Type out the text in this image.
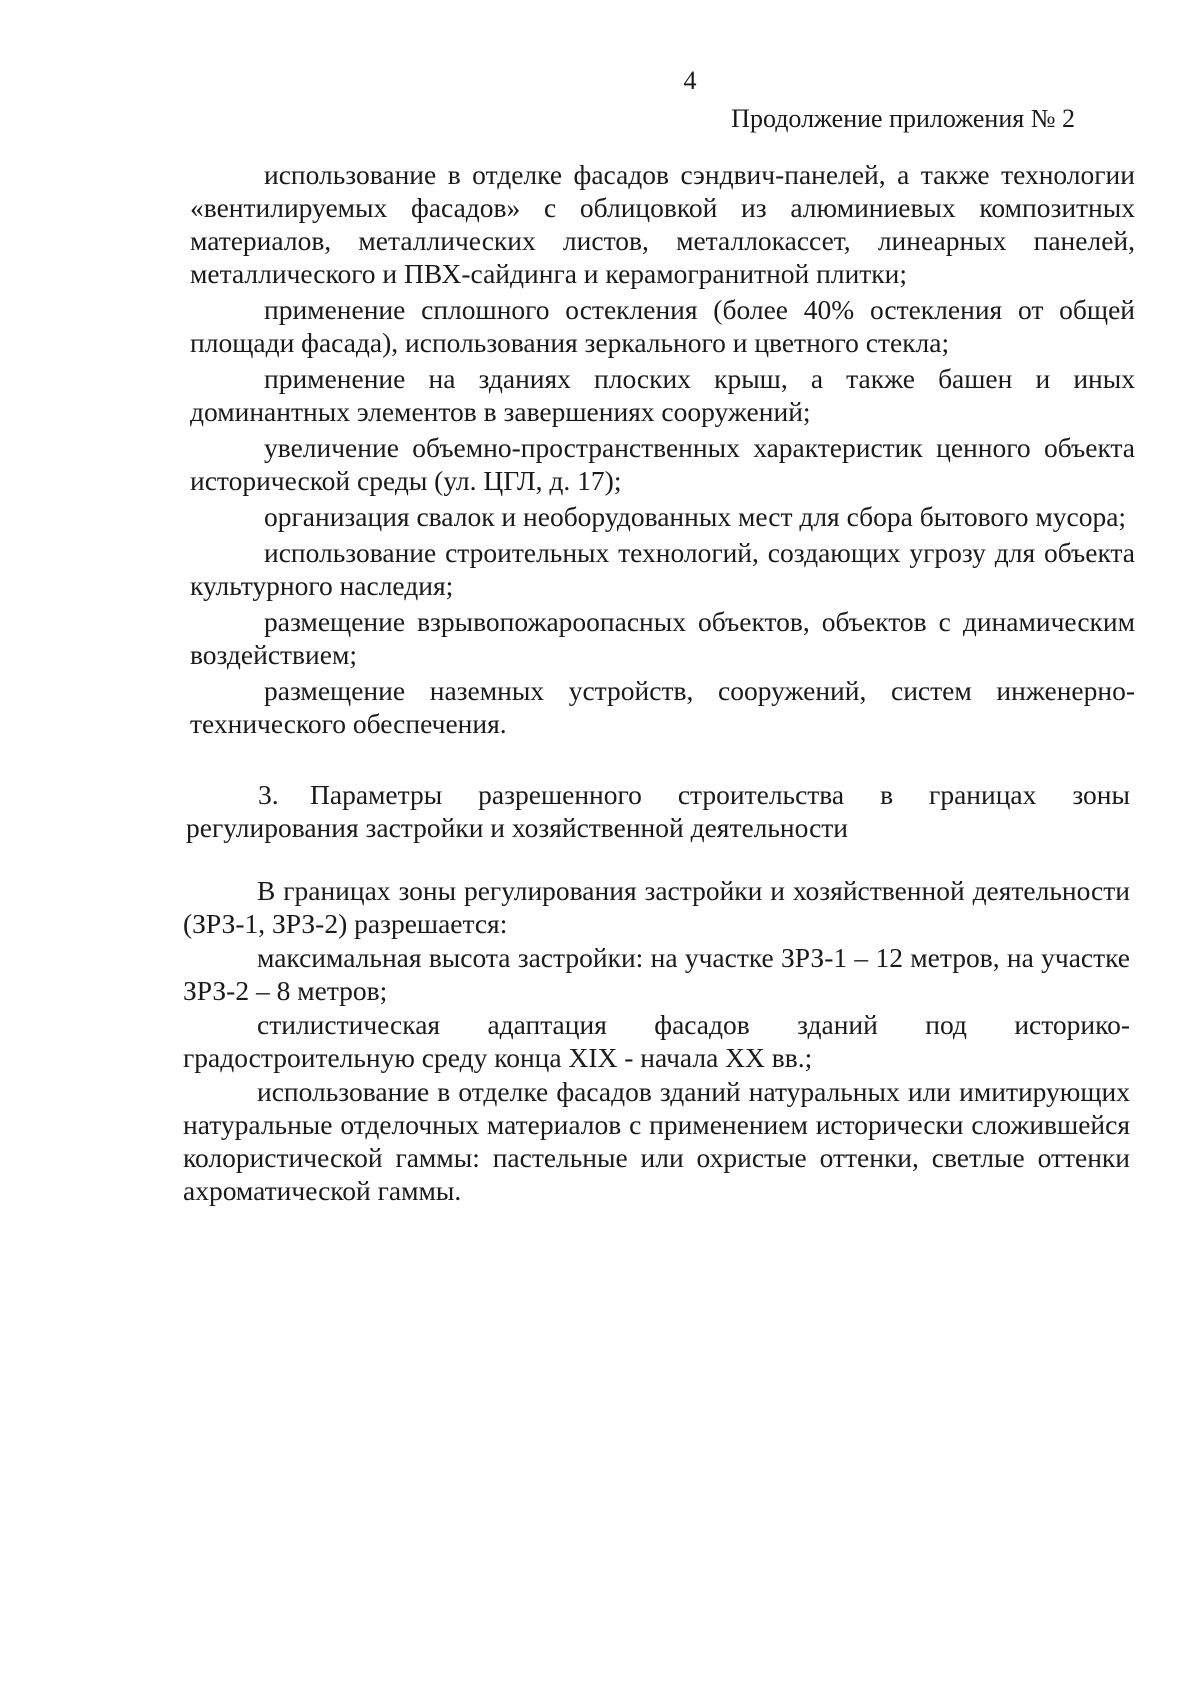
4
Продолжение приложения № 2

использование в отделке фасадов сэндвич-панелей, а также технологии «вентилируемых фасадов» с облицовкой из алюминиевых композитных материалов, металлических листов, металлокассет, линеарных панелей, металлического и ПВХ-сайдинга и керамогранитной плитки;

применение сплошного остекления (более 40% остекления от общей площади фасада), использования зеркального и цветного стекла;

применение на зданиях плоских крыш, а также башен и иных доминантных элементов в завершениях сооружений;

увеличение объемно-пространственных характеристик ценного объекта исторической среды (ул. ЦГЛ, д. 17);

организация свалок и необорудованных мест для сбора бытового мусора;

использование строительных технологий, создающих угрозу для объекта культурного наследия;

размещение взрывопожароопасных объектов, объектов с динамическим воздействием;

размещение наземных устройств, сооружений, систем инженерно-технического обеспечения.

3. Параметры разрешенного строительства в границах зоны регулирования застройки и хозяйственной деятельности

В границах зоны регулирования застройки и хозяйственной деятельности (ЗРЗ-1, ЗРЗ-2) разрешается:

максимальная высота застройки: на участке ЗРЗ-1 – 12 метров, на участке ЗРЗ-2 – 8 метров;

стилистическая адаптация фасадов зданий под историко-градостроительную среду конца XIX - начала XX вв.;

использование в отделке фасадов зданий натуральных или имитирующих натуральные отделочных материалов с применением исторически сложившейся колористической гаммы: пастельные или охристые оттенки, светлые оттенки ахроматической гаммы.
